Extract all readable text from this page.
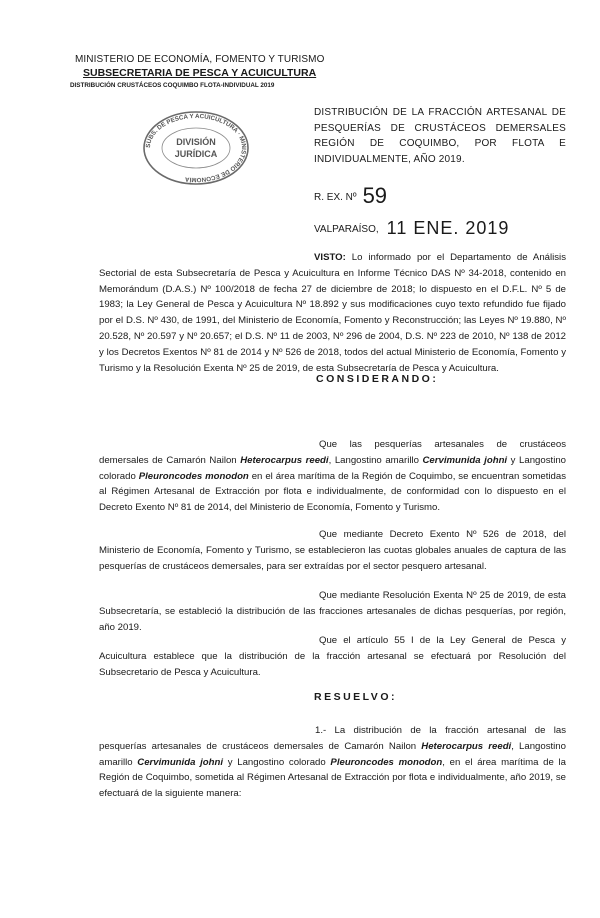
MINISTERIO DE ECONOMÍA, FOMENTO Y TURISMO
SUBSECRETARIA DE PESCA Y ACUICULTURA
DISTRIBUCIÓN CRUSTÁCEOS COQUIMBO FLOTA-INDIVIDUAL 2019
SUBS. DE PESCA Y ACUICULTURA · MINISTERIO DE ECONOMÍA
DIVISIÓN
JURÍDICA
DISTRIBUCIÓN DE LA FRACCIÓN ARTESANAL DE PESQUERÍAS DE CRUSTÁCEOS DEMERSALES REGIÓN DE COQUIMBO, POR FLOTA E INDIVIDUALMENTE, AÑO 2019.
R. EX. Nº 59
VALPARAÍSO, 11 ENE. 2019
VISTO: Lo informado por el Departamento de Análisis Sectorial de esta Subsecretaría de Pesca y Acuicultura en Informe Técnico DAS Nº 34-2018, contenido en Memorándum (D.A.S.) Nº 100/2018 de fecha 27 de diciembre de 2018; lo dispuesto en el D.F.L. Nº 5 de 1983; la Ley General de Pesca y Acuicultura Nº 18.892 y sus modificaciones cuyo texto refundido fue fijado por el D.S. Nº 430, de 1991, del Ministerio de Economía, Fomento y Reconstrucción; las Leyes Nº 19.880, Nº 20.528, Nº 20.597 y Nº 20.657; el D.S. Nº 11 de 2003, Nº 296 de 2004, D.S. Nº 223 de 2010, Nº 138 de 2012 y los Decretos Exentos Nº 81 de 2014 y Nº 526 de 2018, todos del actual Ministerio de Economía, Fomento y Turismo y la Resolución Exenta Nº 25 de 2019, de esta Subsecretaría de Pesca y Acuicultura.
CONSIDERANDO:
Que las pesquerías artesanales de crustáceos demersales de Camarón Nailon Heterocarpus reedi, Langostino amarillo Cervimunida johni y Langostino colorado Pleuroncodes monodon en el área marítima de la Región de Coquimbo, se encuentran sometidas al Régimen Artesanal de Extracción por flota e individualmente, de conformidad con lo dispuesto en el Decreto Exento Nº 81 de 2014, del Ministerio de Economía, Fomento y Turismo.
Que mediante Decreto Exento Nº 526 de 2018, del Ministerio de Economía, Fomento y Turismo, se establecieron las cuotas globales anuales de captura de las pesquerías de crustáceos demersales, para ser extraídas por el sector pesquero artesanal.
Que mediante Resolución Exenta Nº 25 de 2019, de esta Subsecretaría, se estableció la distribución de las fracciones artesanales de dichas pesquerías, por región, año 2019.
Que el artículo 55 I de la Ley General de Pesca y Acuicultura establece que la distribución de la fracción artesanal se efectuará por Resolución del Subsecretario de Pesca y Acuicultura.
RESUELVO:
1.- La distribución de la fracción artesanal de las pesquerías artesanales de crustáceos demersales de Camarón Nailon Heterocarpus reedi, Langostino amarillo Cervimunida johni y Langostino colorado Pleuroncodes monodon, en el área marítima de la Región de Coquimbo, sometida al Régimen Artesanal de Extracción por flota e individualmente, año 2019, se efectuará de la siguiente manera:
